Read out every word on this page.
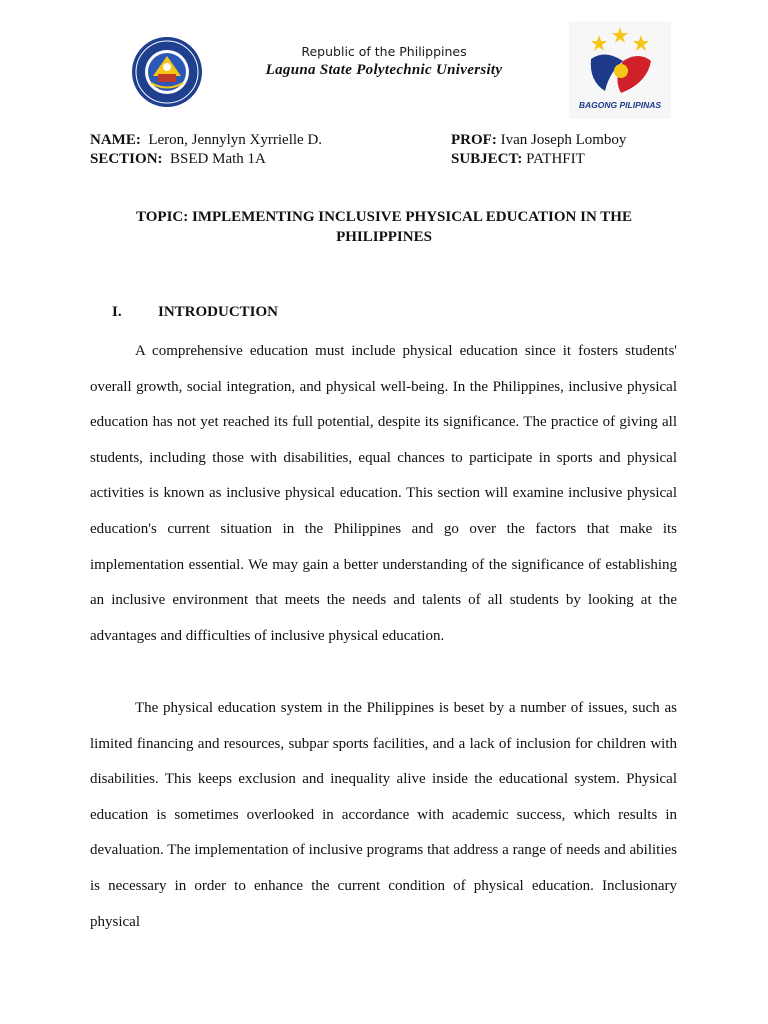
Republic of the Philippines
Laguna State Polytechnic University
BAGONG PILIPINAS
NAME: Leron, Jennylyn Xyrrielle D.
SECTION: BSED Math 1A
PROF: Ivan Joseph Lomboy
SUBJECT: PATHFIT
TOPIC: IMPLEMENTING INCLUSIVE PHYSICAL EDUCATION IN THE PHILIPPINES
I. INTRODUCTION

A comprehensive education must include physical education since it fosters students' overall growth, social integration, and physical well-being. In the Philippines, inclusive physical education has not yet reached its full potential, despite its significance. The practice of giving all students, including those with disabilities, equal chances to participate in sports and physical activities is known as inclusive physical education. This section will examine inclusive physical education's current situation in the Philippines and go over the factors that make its implementation essential. We may gain a better understanding of the significance of establishing an inclusive environment that meets the needs and talents of all students by looking at the advantages and difficulties of inclusive physical education.

The physical education system in the Philippines is beset by a number of issues, such as limited financing and resources, subpar sports facilities, and a lack of inclusion for children with disabilities. This keeps exclusion and inequality alive inside the educational system. Physical education is sometimes overlooked in accordance with academic success, which results in devaluation. The implementation of inclusive programs that address a range of needs and abilities is necessary in order to enhance the current condition of physical education. Inclusionary physical
